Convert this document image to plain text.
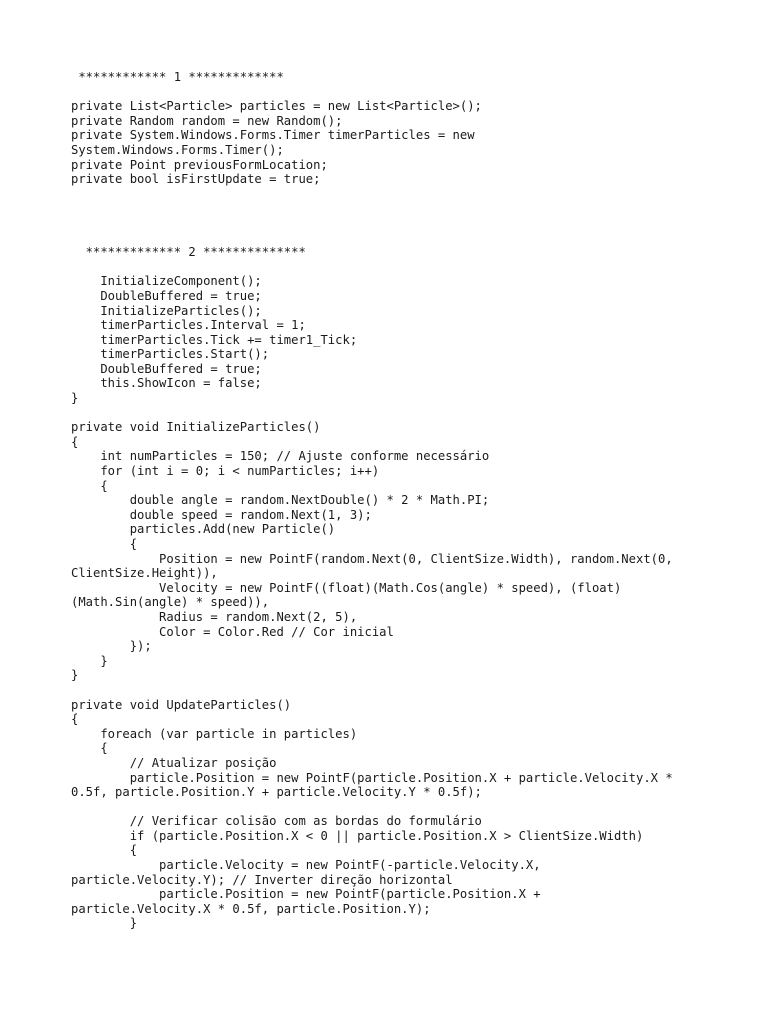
************ 1 *************
private List<Particle> particles = new List<Particle>();
private Random random = new Random();
private System.Windows.Forms.Timer timerParticles = new
System.Windows.Forms.Timer();
private Point previousFormLocation;
private bool isFirstUpdate = true;
************* 2 **************
InitializeComponent();
DoubleBuffered = true;
InitializeParticles();
timerParticles.Interval = 1;
timerParticles.Tick += timer1_Tick;
timerParticles.Start();
DoubleBuffered = true;
this.ShowIcon = false;
}
private void InitializeParticles()
{
int numParticles = 150; // Ajuste conforme necessário
for (int i = 0; i < numParticles; i++)
{
double angle = random.NextDouble() * 2 * Math.PI;
double speed = random.Next(1, 3);
particles.Add(new Particle()
{
Position = new PointF(random.Next(0, ClientSize.Width), random.Next(0,
ClientSize.Height)),
Velocity = new PointF((float)(Math.Cos(angle) * speed), (float)
(Math.Sin(angle) * speed)),
Radius = random.Next(2, 5),
Color = Color.Red // Cor inicial
});
}
}
private void UpdateParticles()
{
foreach (var particle in particles)
{
// Atualizar posição
particle.Position = new PointF(particle.Position.X + particle.Velocity.X *
0.5f, particle.Position.Y + particle.Velocity.Y * 0.5f);
// Verificar colisão com as bordas do formulário
if (particle.Position.X < 0 || particle.Position.X > ClientSize.Width)
{
particle.Velocity = new PointF(-particle.Velocity.X,
particle.Velocity.Y); // Inverter direção horizontal
particle.Position = new PointF(particle.Position.X +
particle.Velocity.X * 0.5f, particle.Position.Y);
}
